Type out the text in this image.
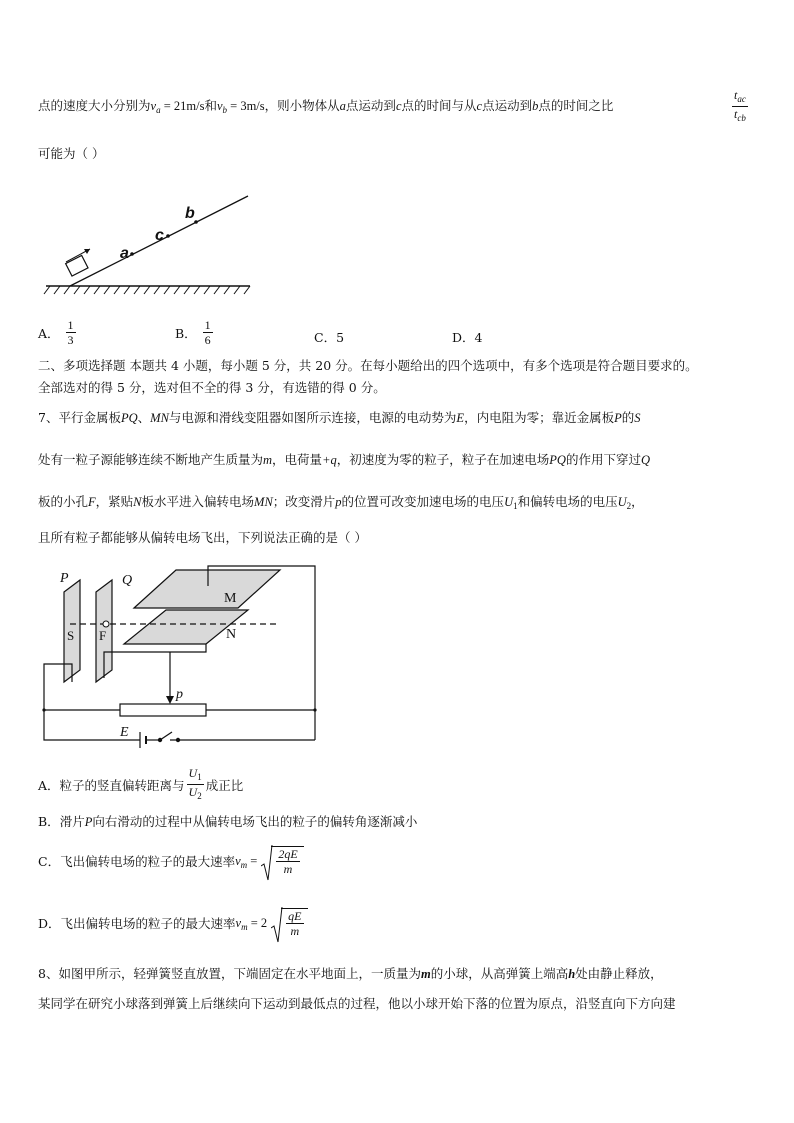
点的速度大小分别为$v_a = 21m/s$和$v_b = 3m/s$，则小物体从a点运动到c点的时间与从c点运动到b点的时间之比
$t_{ac}$
$t_{cb}$
可能为（ ）
a
c
b
A． $\frac{1}{3}$	B． $\frac{1}{6}$	C．5	D．4
二、多项选择题 本题共 4 小题，每小题 5 分，共 20 分。在每小题给出的四个选项中，有多个选项是符合题目要求的。
全部选对的得 5 分，选对但不全的得 3 分，有选错的得 0 分。
7、平行金属板PQ、MN与电源和滑线变阻器如图所示连接，电源的电动势为E，内电阻为零；靠近金属板P的S
处有一粒子源能够连续不断地产生质量为m，电荷量+q，初速度为零的粒子，粒子在加速电场PQ的作用下穿过Q
板的小孔F，紧贴N板水平进入偏转电场MN；改变滑片p的位置可改变加速电场的电压$U_1$和偏转电场的电压$U_2$，
且所有粒子都能够从偏转电场飞出，下列说法正确的是（ ）
P	Q
S F
M
N
p
E
A．粒子的竖直偏转距离与 $\frac{U_1}{U_2}$ 成正比
B．滑片P向右滑动的过程中从偏转电场飞出的粒子的偏转角逐渐减小
C．飞出偏转电场的粒子的最大速率$v_m = \frac{2qE}{m}$
D．飞出偏转电场的粒子的最大速率$v_m = 2 \frac{qE}{m}$
8、如图甲所示，轻弹簧竖直放置，下端固定在水平地面上，一质量为m的小球，从高弹簧上端高h处由静止释放，
某同学在研究小球落到弹簧上后继续向下运动到最低点的过程，他以小球开始下落的位置为原点，沿竖直向下方向建
